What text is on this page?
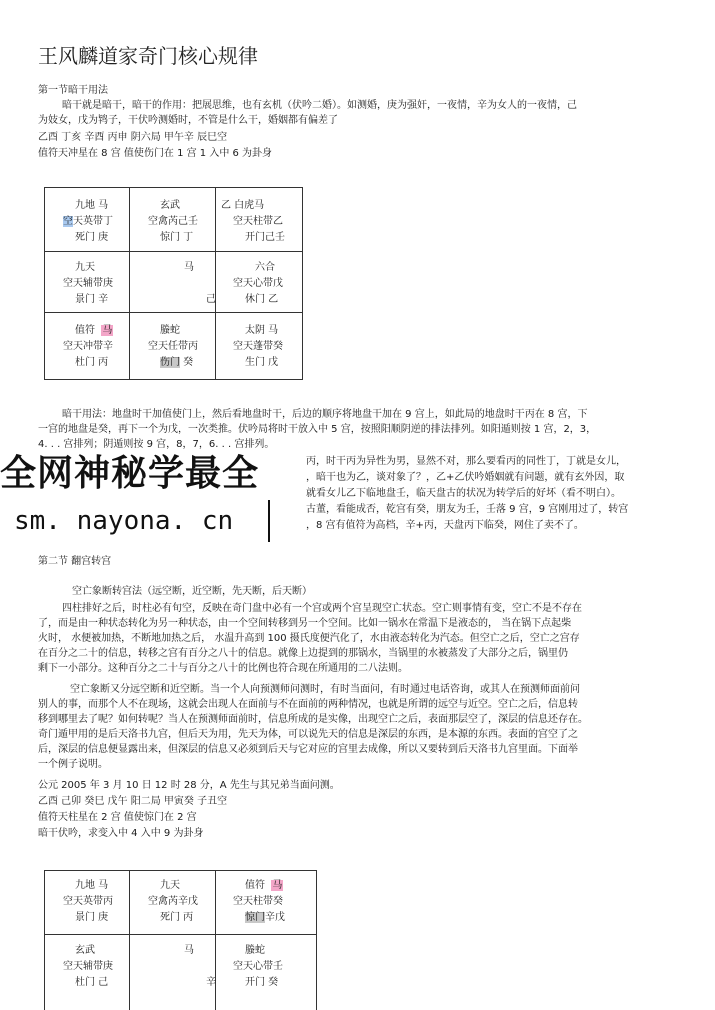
王风麟道家奇门核心规律
第一节暗干用法
暗干就是暗干，暗干的作用：把展思维，也有玄机（伏吟二婚）。如测婚，庚为强奸，一夜情，辛为女人的一夜情，己
为妓女，戊为鸨子，干伏吟测婚时，不管是什么干，婚姻都有偏差了
乙酉 丁亥 辛酉 丙申 阴六局 甲午辛 辰巳空
值符天冲星在 8 宫 值使伤门在 1 宫 1 入中 6 为卦身
九地 马
空天英带丁
死门 庚
玄武
空禽芮己壬
惊门 丁
乙 白虎马
空天柱带乙
开门己壬
九天
空天辅带庚
景门 辛
马
己
六合
空天心带戊
休门 乙
值符 马
空天冲带辛
杜门 丙
螣蛇
空天任带丙
伤门 癸
太阴 马
空天蓬带癸
生门 戊
暗干用法：地盘时干加值使门上，然后看地盘时干，后边的顺序将地盘干加在 9 宫上，如此局的地盘时干丙在 8 宫，下
一宫的地盘是癸，再下一个为戊，一次类推。伏吟局将时干放入中 5 宫，按照阳顺阴逆的排法排列。如阳遁则按 1 宫，2，3，
4. . . 宫排列；阴遁则按 9 宫，8，7，6. . . 宫排列。
丙，时干丙为异性为男，显然不对，那么要看丙的同性丁，丁就是女儿，
，暗干也为乙，谈对象了？，乙+乙伏吟婚姻就有问题，就有玄外因，取
就看女儿乙下临地盘壬，临天盘古的状况为转学后的好坏（看不明白）。
古董，看能成否，乾宫有癸，朋友为壬，壬落 9 宫，9 宫刚用过了，转宫
，8 宫有值符为高档，辛+丙，天盘丙下临癸，网住了卖不了。
全网神秘学最全
sm. nayona. cn
第二节 翻宫转宫
空亡象断转宫法（远空断，近空断，先天断，后天断）
四柱排好之后，时柱必有旬空，反映在奇门盘中必有一个宫或两个宫呈现空亡状态。空亡则事情有变，空亡不是不存在
了，而是由一种状态转化为另一种状态，由一个空间转移到另一个空间。比如一锅水在常温下是液态的， 当在锅下点起柴
火时， 水便被加热，不断地加热之后， 水温升高到 100 摄氏度便汽化了，水由液态转化为汽态。但空亡之后，空亡之宫存
在百分之二十的信息，转移之宫有百分之八十的信息。就像上边提到的那锅水，当锅里的水被蒸发了大部分之后，锅里仍
剩下一小部分。这种百分之二十与百分之八十的比例也符合现在所通用的二八法则。
空亡象断又分远空断和近空断。当一个人向预测师问测时，有时当面问，有时通过电话咨询，或其人在预测师面前问
别人的事，而那个人不在现场，这就会出现人在面前与不在面前的两种情况，也就是所谓的远空与近空。空亡之后，信息转
移到哪里去了呢？如何转呢？当人在预测师面前时，信息所成的是实像，出现空亡之后，表面那层空了，深层的信息还存在。
奇门遁甲用的是后天洛书九宫，但后天为用，先天为体，可以说先天的信息是深层的东西，是本源的东西。表面的宫空了之
后，深层的信息便显露出来，但深层的信息又必须到后天与它对应的宫里去成像，所以又要转到后天洛书九宫里面。下面举
一个例子说明。
公元 2005 年 3 月 10 日 12 时 28 分，A 先生与其兄弟当面问测。
乙酉 己卯 癸巳 戊午 阳二局 甲寅癸 子丑空
值符天柱星在 2 宫 值使惊门在 2 宫
暗干伏吟，求变入中 4 入中 9 为卦身
九地 马
空天英带丙
景门 庚
九天
空禽芮辛戊
死门 丙
值符 马
空天柱带癸
惊门辛戊
玄武
空天辅带庚
杜门 己
马
辛
螣蛇
空天心带壬
开门 癸
